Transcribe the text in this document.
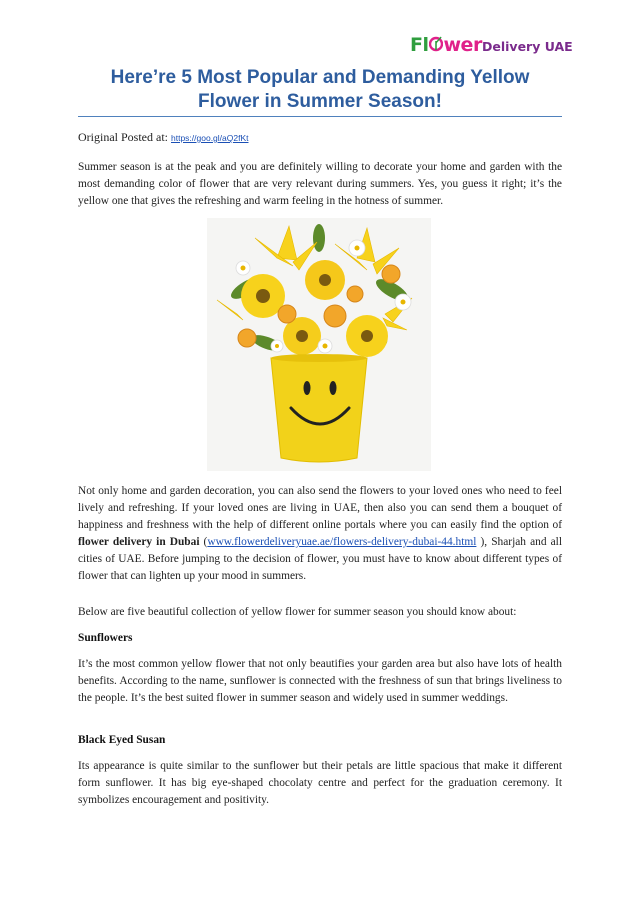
Fl wer Delivery UAE
Here’re 5 Most Popular and Demanding Yellow Flower in Summer Season!
Original Posted at: https://goo.gl/aQ2fKt
Summer season is at the peak and you are definitely willing to decorate your home and garden with the most demanding color of flower that are very relevant during summers. Yes, you guess it right; it’s the yellow one that gives the refreshing and warm feeling in the hotness of summer.
Not only home and garden decoration, you can also send the flowers to your loved ones who need to feel lively and refreshing. If your loved ones are living in UAE, then also you can send them a bouquet of happiness and freshness with the help of different online portals where you can easily find the option of flower delivery in Dubai (www.flowerdeliveryuae.ae/flowers-delivery-dubai-44.html ), Sharjah and all cities of UAE. Before jumping to the decision of flower, you must have to know about different types of flower that can lighten up your mood in summers.
Below are five beautiful collection of yellow flower for summer season you should know about:
Sunflowers
It’s the most common yellow flower that not only beautifies your garden area but also have lots of health benefits. According to the name, sunflower is connected with the freshness of sun that brings liveliness to the people. It’s the best suited flower in summer season and widely used in summer weddings.
Black Eyed Susan
Its appearance is quite similar to the sunflower but their petals are little spacious that make it different form sunflower. It has big eye-shaped chocolaty centre and perfect for the graduation ceremony. It symbolizes encouragement and positivity.
